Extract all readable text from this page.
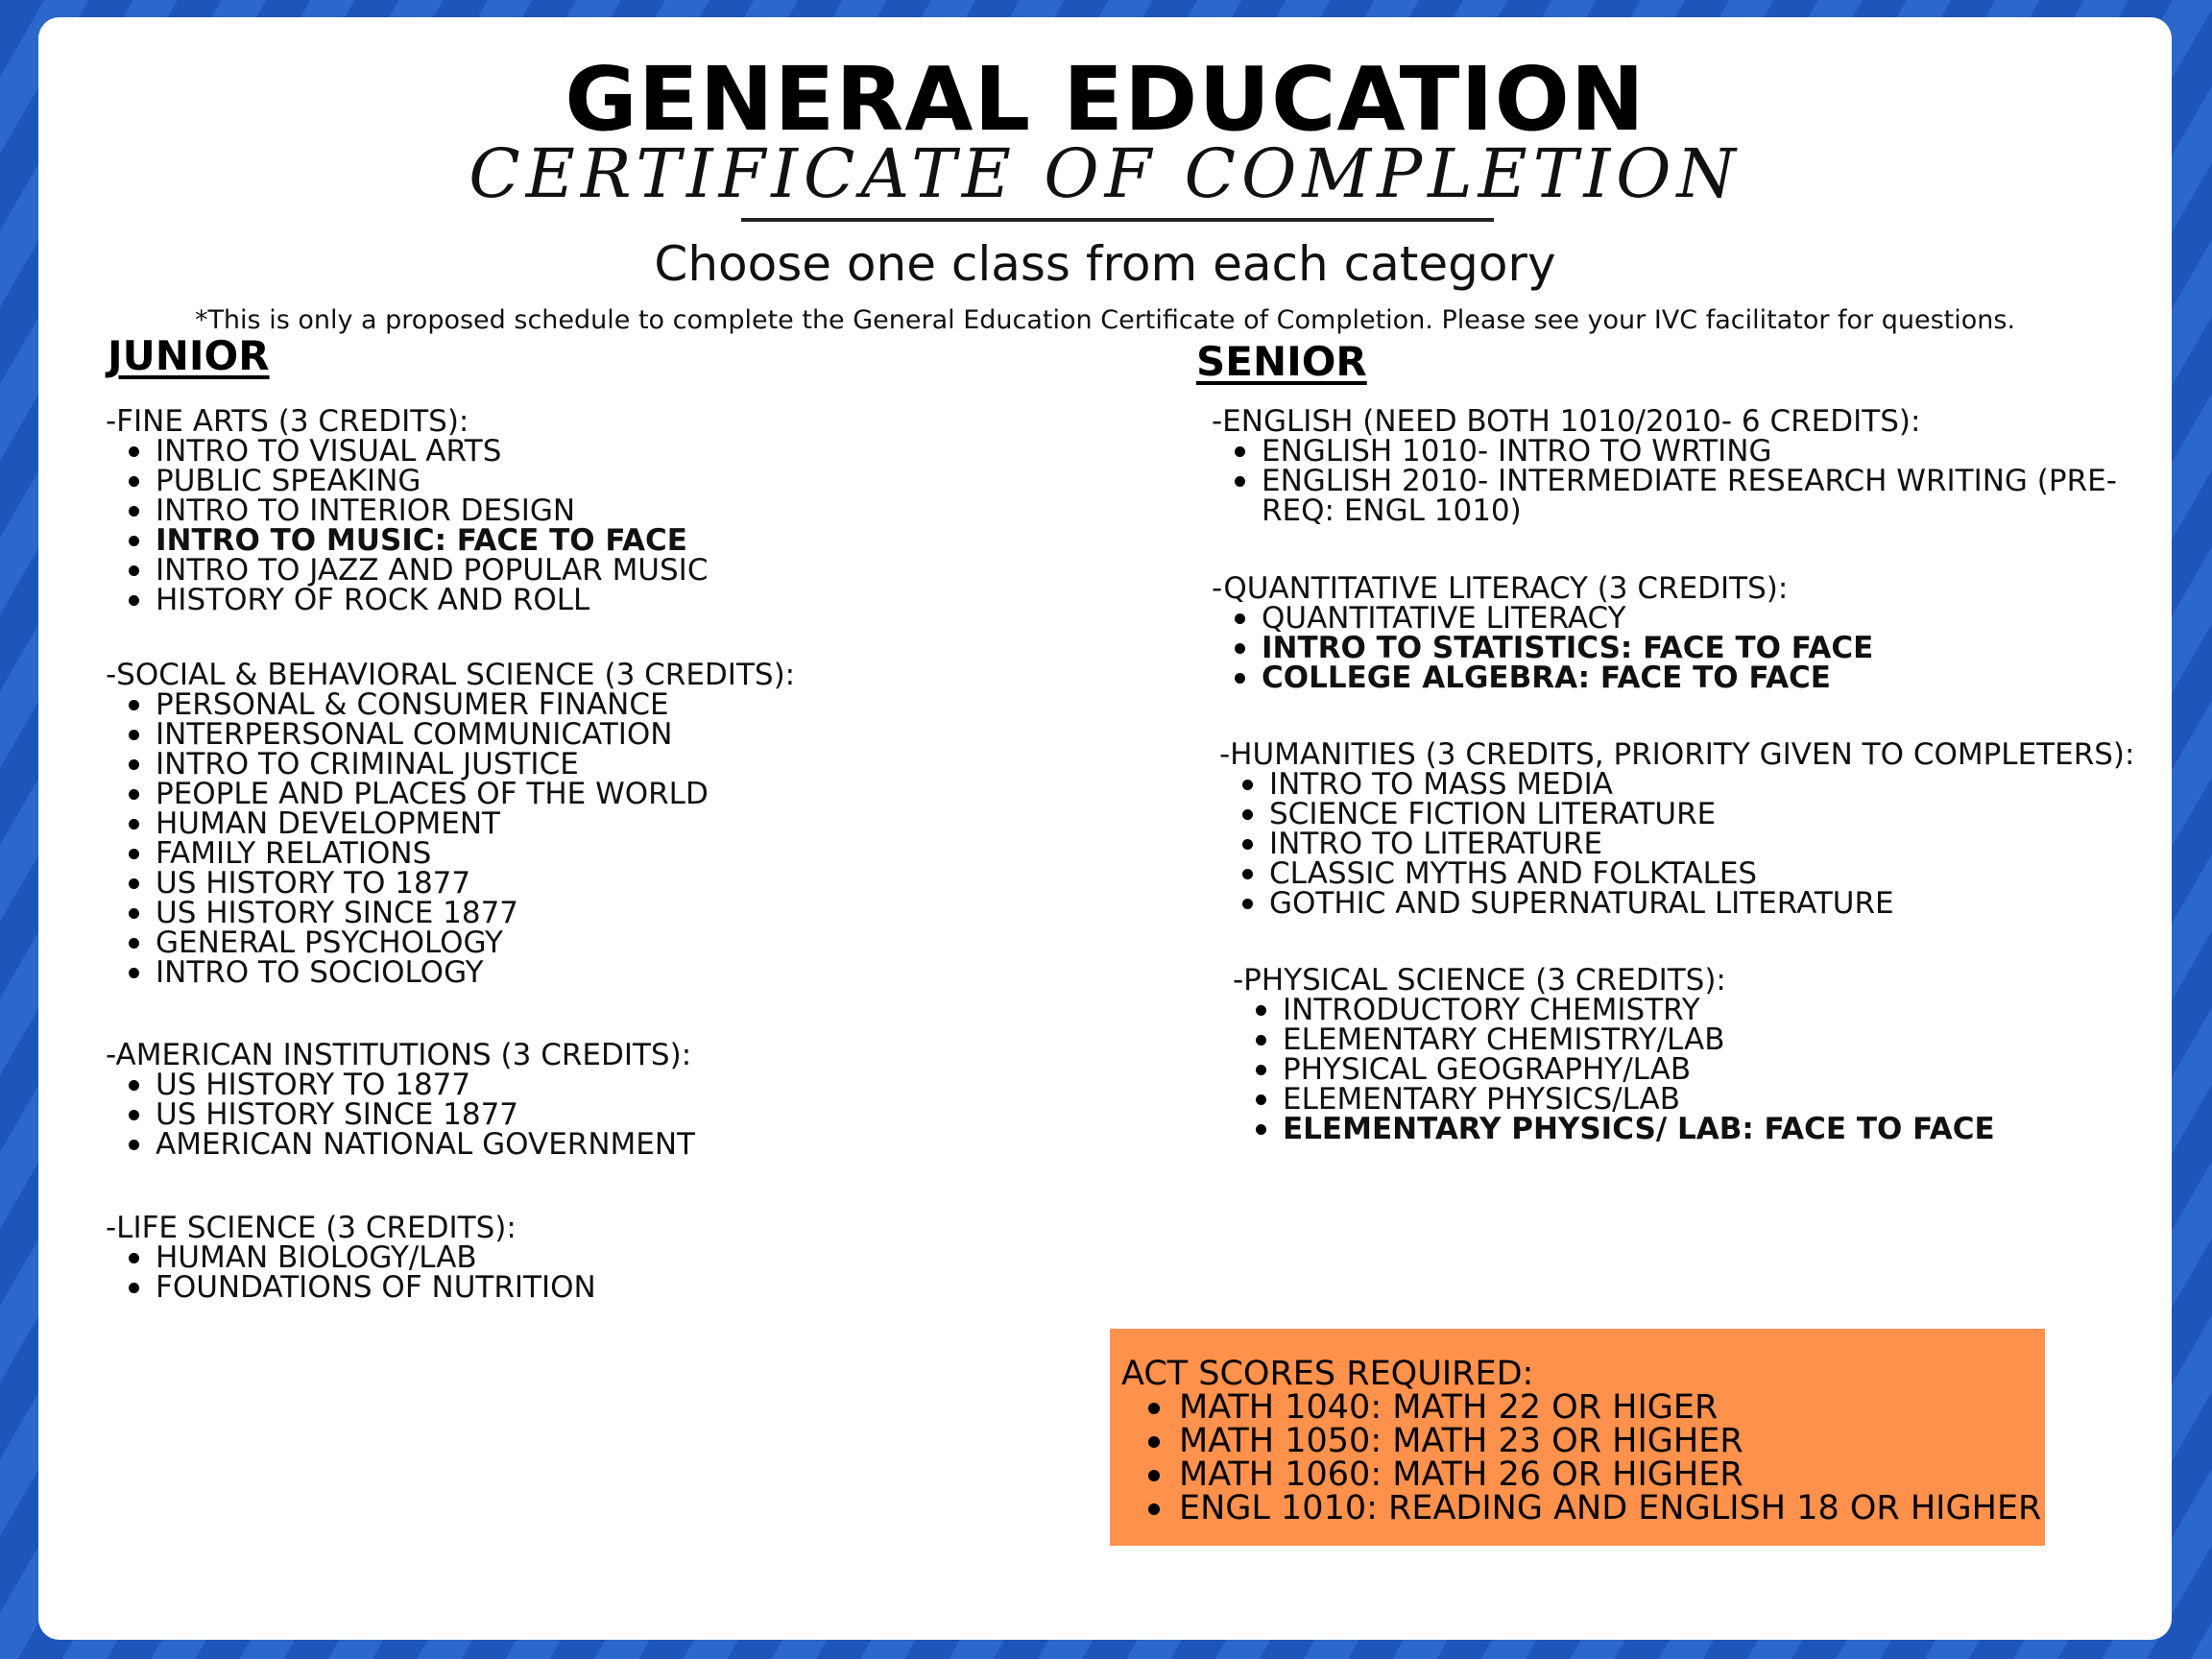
GENERAL EDUCATION
CERTIFICATE OF COMPLETION
Choose one class from each category
*This is only a proposed schedule to complete the General Education Certificate of Completion. Please see your IVC facilitator for questions.
JUNIOR
-FINE ARTS (3 CREDITS):
INTRO TO VISUAL ARTS
PUBLIC SPEAKING
INTRO TO INTERIOR DESIGN
INTRO TO MUSIC: FACE TO FACE
INTRO TO JAZZ AND POPULAR MUSIC
HISTORY OF ROCK AND ROLL
-SOCIAL & BEHAVIORAL SCIENCE (3 CREDITS):
PERSONAL & CONSUMER FINANCE
INTERPERSONAL COMMUNICATION
INTRO TO CRIMINAL JUSTICE
PEOPLE AND PLACES OF THE WORLD
HUMAN DEVELOPMENT
FAMILY RELATIONS
US HISTORY TO 1877
US HISTORY SINCE 1877
GENERAL PSYCHOLOGY
INTRO TO SOCIOLOGY
-AMERICAN INSTITUTIONS (3 CREDITS):
US HISTORY TO 1877
US HISTORY SINCE 1877
AMERICAN NATIONAL GOVERNMENT
-LIFE SCIENCE (3 CREDITS):
HUMAN BIOLOGY/LAB
FOUNDATIONS OF NUTRITION
SENIOR
-ENGLISH (NEED BOTH 1010/2010- 6 CREDITS):
ENGLISH 1010- INTRO TO WRTING
ENGLISH 2010- INTERMEDIATE RESEARCH WRITING (PRE-REQ: ENGL 1010)
-QUANTITATIVE LITERACY (3 CREDITS):
QUANTITATIVE LITERACY
INTRO TO STATISTICS: FACE TO FACE
COLLEGE ALGEBRA: FACE TO FACE
-HUMANITIES (3 CREDITS, PRIORITY GIVEN TO COMPLETERS):
INTRO TO MASS MEDIA
SCIENCE FICTION LITERATURE
INTRO TO LITERATURE
CLASSIC MYTHS AND FOLKTALES
GOTHIC AND SUPERNATURAL LITERATURE
-PHYSICAL SCIENCE (3 CREDITS):
INTRODUCTORY CHEMISTRY
ELEMENTARY CHEMISTRY/LAB
PHYSICAL GEOGRAPHY/LAB
ELEMENTARY PHYSICS/LAB
ELEMENTARY PHYSICS/ LAB: FACE TO FACE
ACT SCORES REQUIRED:
MATH 1040: MATH 22 OR HIGER
MATH 1050: MATH 23 OR HIGHER
MATH 1060: MATH 26 OR HIGHER
ENGL 1010: READING AND ENGLISH 18 OR HIGHER
